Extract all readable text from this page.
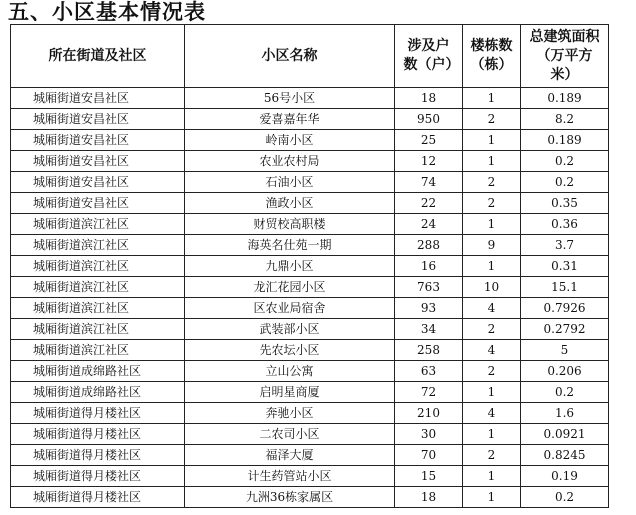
五、小区基本情况表
所在街道及社区	小区名称	涉及户数（户）	楼栋数（栋）	总建筑面积（万平方米）
城厢街道安昌社区	56号小区	18	1	0.189
城厢街道安昌社区	爱喜嘉年华	950	2	8.2
城厢街道安昌社区	岭南小区	25	1	0.189
城厢街道安昌社区	农业农村局	12	1	0.2
城厢街道安昌社区	石油小区	74	2	0.2
城厢街道安昌社区	渔政小区	22	2	0.35
城厢街道滨江社区	财贸校高职楼	24	1	0.36
城厢街道滨江社区	海英名仕苑一期	288	9	3.7
城厢街道滨江社区	九鼎小区	16	1	0.31
城厢街道滨江社区	龙汇花园小区	763	10	15.1
城厢街道滨江社区	区农业局宿舍	93	4	0.7926
城厢街道滨江社区	武装部小区	34	2	0.2792
城厢街道滨江社区	先农坛小区	258	4	5
城厢街道成绵路社区	立山公寓	63	2	0.206
城厢街道成绵路社区	启明星商厦	72	1	0.2
城厢街道得月楼社区	奔驰小区	210	4	1.6
城厢街道得月楼社区	二农司小区	30	1	0.0921
城厢街道得月楼社区	福泽大厦	70	2	0.8245
城厢街道得月楼社区	计生药管站小区	15	1	0.19
城厢街道得月楼社区	九洲36栋家属区	18	1	0.2
